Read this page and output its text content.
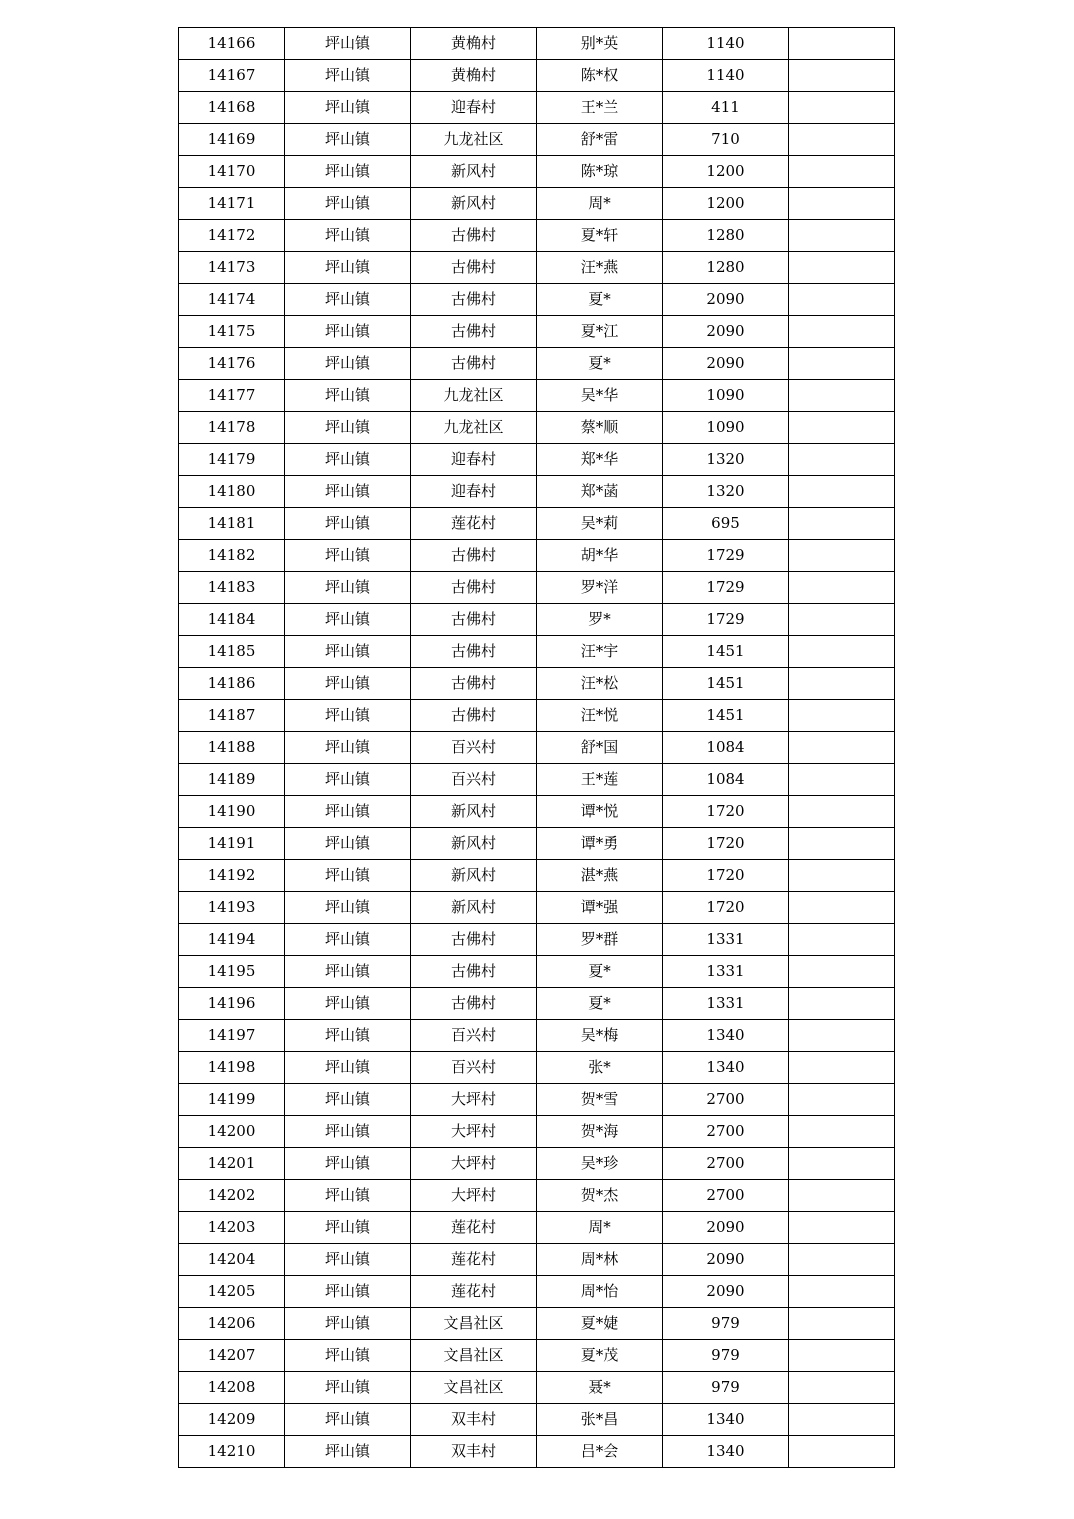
14166	坪山镇	黄桷村	别*英	1140	
14167	坪山镇	黄桷村	陈*权	1140	
14168	坪山镇	迎春村	王*兰	411	
14169	坪山镇	九龙社区	舒*雷	710	
14170	坪山镇	新风村	陈*琼	1200	
14171	坪山镇	新风村	周*	1200	
14172	坪山镇	古佛村	夏*轩	1280	
14173	坪山镇	古佛村	汪*燕	1280	
14174	坪山镇	古佛村	夏*	2090	
14175	坪山镇	古佛村	夏*江	2090	
14176	坪山镇	古佛村	夏*	2090	
14177	坪山镇	九龙社区	吴*华	1090	
14178	坪山镇	九龙社区	蔡*顺	1090	
14179	坪山镇	迎春村	郑*华	1320	
14180	坪山镇	迎春村	郑*菡	1320	
14181	坪山镇	莲花村	吴*莉	695	
14182	坪山镇	古佛村	胡*华	1729	
14183	坪山镇	古佛村	罗*洋	1729	
14184	坪山镇	古佛村	罗*	1729	
14185	坪山镇	古佛村	汪*宇	1451	
14186	坪山镇	古佛村	汪*松	1451	
14187	坪山镇	古佛村	汪*悦	1451	
14188	坪山镇	百兴村	舒*国	1084	
14189	坪山镇	百兴村	王*莲	1084	
14190	坪山镇	新风村	谭*悦	1720	
14191	坪山镇	新风村	谭*勇	1720	
14192	坪山镇	新风村	湛*燕	1720	
14193	坪山镇	新风村	谭*强	1720	
14194	坪山镇	古佛村	罗*群	1331	
14195	坪山镇	古佛村	夏*	1331	
14196	坪山镇	古佛村	夏*	1331	
14197	坪山镇	百兴村	吴*梅	1340	
14198	坪山镇	百兴村	张*	1340	
14199	坪山镇	大坪村	贺*雪	2700	
14200	坪山镇	大坪村	贺*海	2700	
14201	坪山镇	大坪村	吴*珍	2700	
14202	坪山镇	大坪村	贺*杰	2700	
14203	坪山镇	莲花村	周*	2090	
14204	坪山镇	莲花村	周*林	2090	
14205	坪山镇	莲花村	周*怡	2090	
14206	坪山镇	文昌社区	夏*婕	979	
14207	坪山镇	文昌社区	夏*茂	979	
14208	坪山镇	文昌社区	聂*	979	
14209	坪山镇	双丰村	张*昌	1340	
14210	坪山镇	双丰村	吕*会	1340	
